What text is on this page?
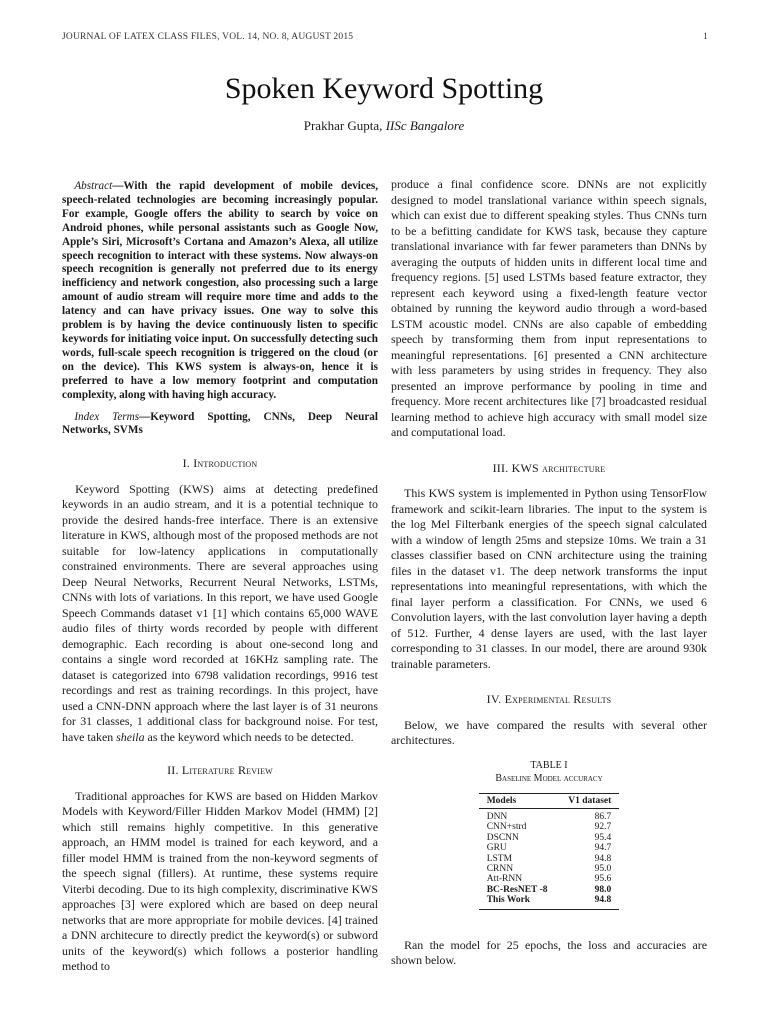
JOURNAL OF LATEX CLASS FILES, VOL. 14, NO. 8, AUGUST 2015	1
Spoken Keyword Spotting
Prakhar Gupta, IISc Bangalore
Abstract—With the rapid development of mobile devices, speech-related technologies are becoming increasingly popular. For example, Google offers the ability to search by voice on Android phones, while personal assistants such as Google Now, Apple’s Siri, Microsoft’s Cortana and Amazon’s Alexa, all utilize speech recognition to interact with these systems. Now always-on speech recognition is generally not preferred due to its energy inefficiency and network congestion, also processing such a large amount of audio stream will require more time and adds to the latency and can have privacy issues. One way to solve this problem is by having the device continuously listen to specific keywords for initiating voice input. On successfully detecting such words, full-scale speech recognition is triggered on the cloud (or on the device). This KWS system is always-on, hence it is preferred to have a low memory footprint and computation complexity, along with having high accuracy.
Index Terms—Keyword Spotting, CNNs, Deep Neural Networks, SVMs
I. Introduction

Keyword Spotting (KWS) aims at detecting predefined keywords in an audio stream, and it is a potential technique to provide the desired hands-free interface. There is an extensive literature in KWS, although most of the proposed methods are not suitable for low-latency applications in computationally constrained environments. There are several approaches using Deep Neural Networks, Recurrent Neural Networks, LSTMs, CNNs with lots of variations. In this report, we have used Google Speech Commands dataset v1 [1] which contains 65,000 WAVE audio files of thirty words recorded by people with different demographic. Each recording is about one-second long and contains a single word recorded at 16KHz sampling rate. The dataset is categorized into 6798 validation recordings, 9916 test recordings and rest as training recordings. In this project, have used a CNN-DNN approach where the last layer is of 31 neurons for 31 classes, 1 additional class for background noise. For test, have taken sheila as the keyword which needs to be detected.

II. Literature Review

Traditional approaches for KWS are based on Hidden Markov Models with Keyword/Filler Hidden Markov Model (HMM) [2] which still remains highly competitive. In this generative approach, an HMM model is trained for each keyword, and a filler model HMM is trained from the non-keyword segments of the speech signal (fillers). At runtime, these systems require Viterbi decoding. Due to its high complexity, discriminative KWS approaches [3] were explored which are based on deep neural networks that are more appropriate for mobile devices. [4] trained a DNN architecure to directly predict the keyword(s) or subword units of the keyword(s) which follows a posterior handling method to

produce a final confidence score. DNNs are not explicitly designed to model translational variance within speech signals, which can exist due to different speaking styles. Thus CNNs turn to be a befitting candidate for KWS task, because they capture translational invariance with far fewer parameters than DNNs by averaging the outputs of hidden units in different local time and frequency regions. [5] used LSTMs based feature extractor, they represent each keyword using a fixed-length feature vector obtained by running the keyword audio through a word-based LSTM acoustic model. CNNs are also capable of embedding speech by transforming them from input representations to meaningful representations. [6] presented a CNN architecture with less parameters by using strides in frequency. They also presented an improve performance by pooling in time and frequency. More recent architectures like [7] broadcasted residual learning method to achieve high accuracy with small model size and computational load.

III. KWS architecture

This KWS system is implemented in Python using TensorFlow framework and scikit-learn libraries. The input to the system is the log Mel Filterbank energies of the speech signal calculated with a window of length 25ms and stepsize 10ms. We train a 31 classes classifier based on CNN architecture using the training files in the dataset v1. The deep network transforms the input representations into meaningful representations, with which the final layer perform a classification. For CNNs, we used 6 Convolution layers, with the last convolution layer having a depth of 512. Further, 4 dense layers are used, with the last layer corresponding to 31 classes. In our model, there are around 930k trainable parameters.

IV. Experimental Results

Below, we have compared the results with several other architectures.

TABLE I
Baseline Model accuracy
Models	V1 dataset
DNN	86.7
CNN+strd	92.7
DSCNN	95.4
GRU	94.7
LSTM	94.8
CRNN	95.0
Att-RNN	95.6
BC-ResNET -8	98.0
This Work	94.8

Ran the model for 25 epochs, the loss and accuracies are shown below.
